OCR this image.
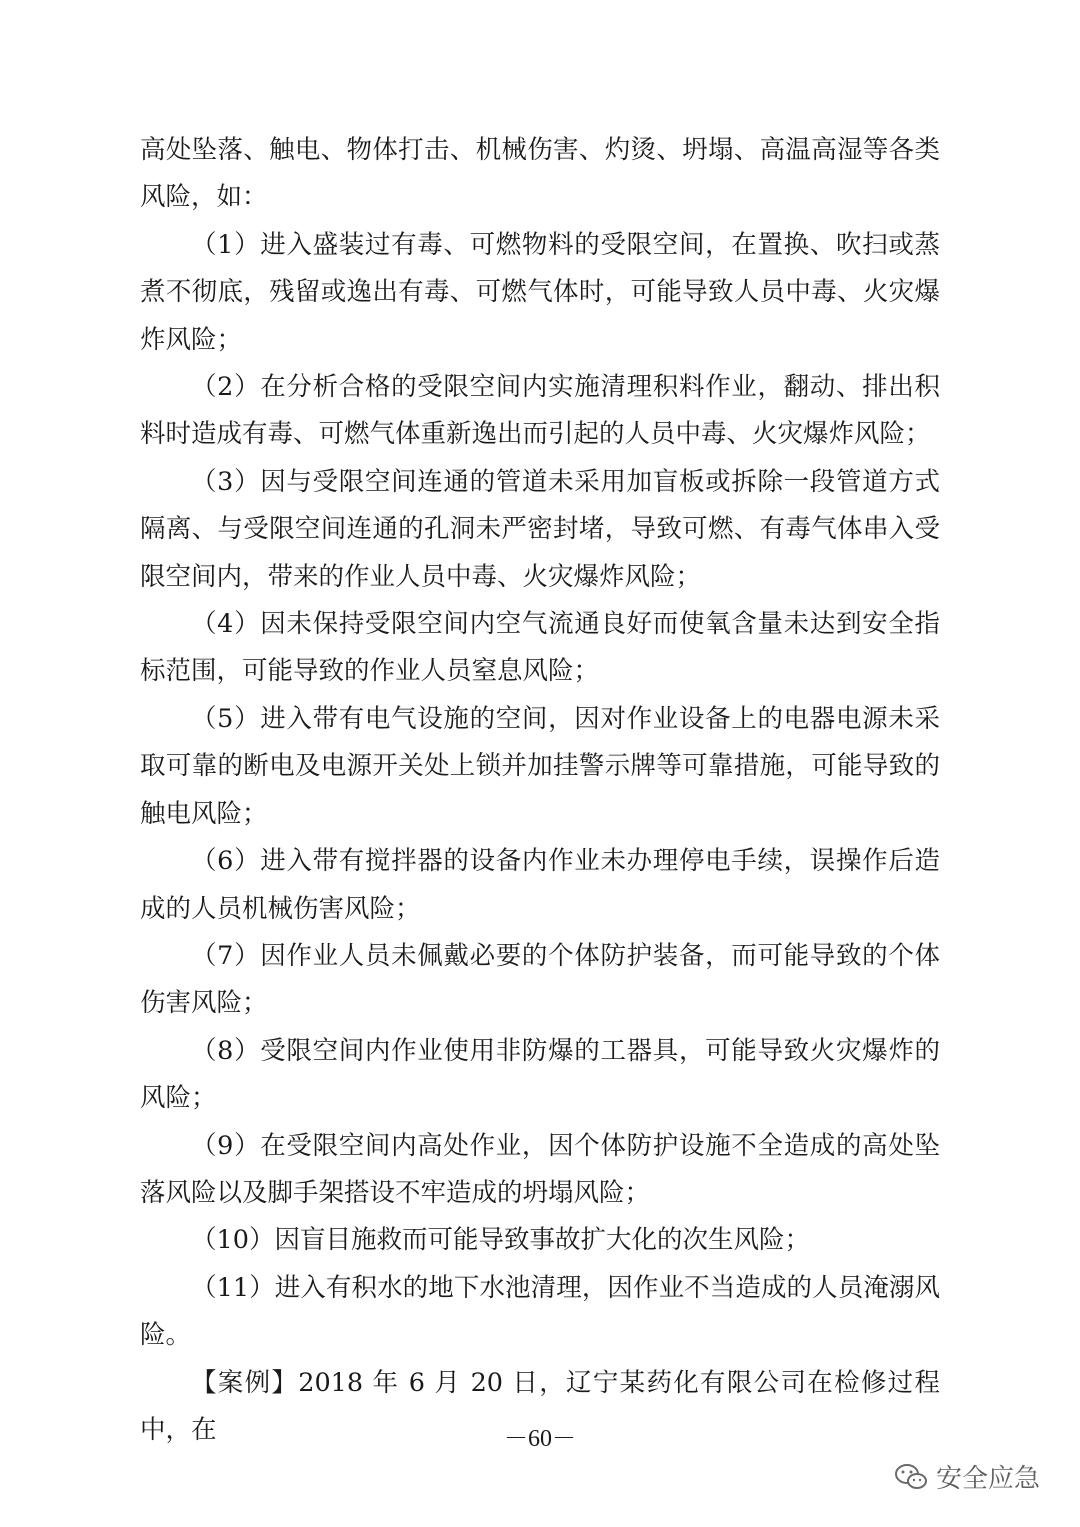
高处坠落、触电、物体打击、机械伤害、灼烫、坍塌、高温高湿等各类风险，如：

（1）进入盛装过有毒、可燃物料的受限空间，在置换、吹扫或蒸煮不彻底，残留或逸出有毒、可燃气体时，可能导致人员中毒、火灾爆炸风险；

（2）在分析合格的受限空间内实施清理积料作业，翻动、排出积料时造成有毒、可燃气体重新逸出而引起的人员中毒、火灾爆炸风险；

（3）因与受限空间连通的管道未采用加盲板或拆除一段管道方式隔离、与受限空间连通的孔洞未严密封堵，导致可燃、有毒气体串入受限空间内，带来的作业人员中毒、火灾爆炸风险；

（4）因未保持受限空间内空气流通良好而使氧含量未达到安全指标范围，可能导致的作业人员窒息风险；

（5）进入带有电气设施的空间，因对作业设备上的电器电源未采取可靠的断电及电源开关处上锁并加挂警示牌等可靠措施，可能导致的触电风险；

（6）进入带有搅拌器的设备内作业未办理停电手续，误操作后造成的人员机械伤害风险；

（7）因作业人员未佩戴必要的个体防护装备，而可能导致的个体伤害风险；

（8）受限空间内作业使用非防爆的工器具，可能导致火灾爆炸的风险；

（9）在受限空间内高处作业，因个体防护设施不全造成的高处坠落风险以及脚手架搭设不牢造成的坍塌风险；

（10）因盲目施救而可能导致事故扩大化的次生风险；

（11）进入有积水的地下水池清理，因作业不当造成的人员淹溺风险。

【案例】2018 年 6 月 20 日，辽宁某药化有限公司在检修过程中，在	－60－
安全应急
